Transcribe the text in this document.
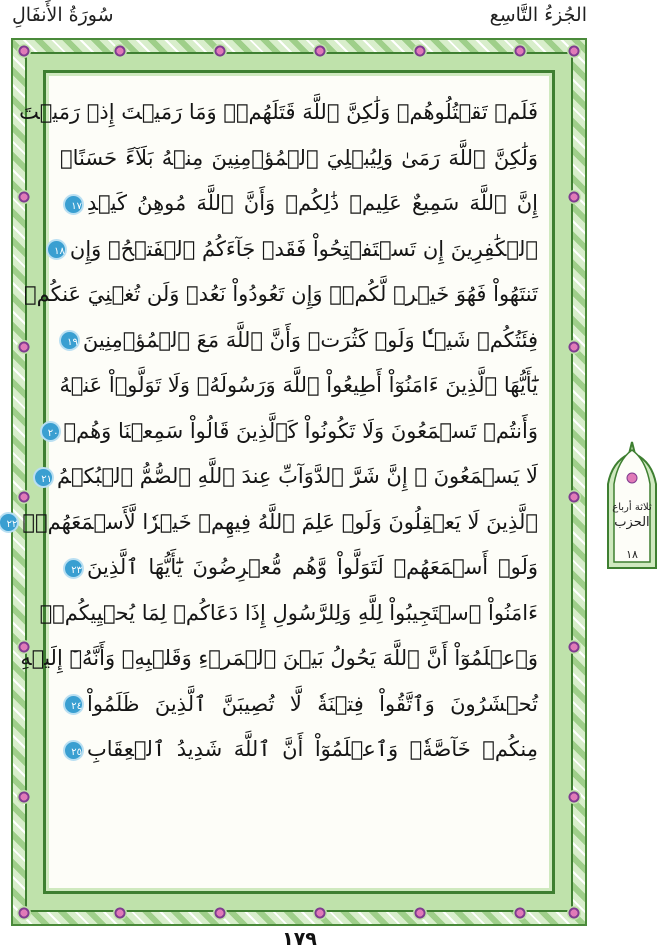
سُورَةُ الأَنفَالِ	الجُزءُ التَّاسِع
فَلَمۡ تَقۡتُلُوهُمۡ وَلَٰكِنَّ ٱللَّهَ قَتَلَهُمۡۚ وَمَا رَمَيۡتَ إِذۡ رَمَيۡتَ
وَلَٰكِنَّ ٱللَّهَ رَمَىٰ وَلِيُبۡلِيَ ٱلۡمُؤۡمِنِينَ مِنۡهُ بَلَآءً حَسَنًاۚ
إِنَّ ٱللَّهَ سَمِيعٌ عَلِيمٞ ذَٰلِكُمۡ وَأَنَّ ٱللَّهَ مُوهِنُ كَيۡدِ١٧
ٱلۡكَٰفِرِينَ إِن تَسۡتَفۡتِحُواْ فَقَدۡ جَآءَكُمُ ٱلۡفَتۡحُۖ وَإِن١٨
تَنتَهُواْ فَهُوَ خَيۡرٞ لَّكُمۡۖ وَإِن تَعُودُواْ نَعُدۡ وَلَن تُغۡنِيَ عَنكُمۡ
فِئَتُكُمۡ شَيۡـٔٗا وَلَوۡ كَثُرَتۡ وَأَنَّ ٱللَّهَ مَعَ ٱلۡمُؤۡمِنِينَ١٩
يَٰٓأَيُّهَا ٱلَّذِينَ ءَامَنُوٓاْ أَطِيعُواْ ٱللَّهَ وَرَسُولَهُۥ وَلَا تَوَلَّوۡاْ عَنۡهُ
وَأَنتُمۡ تَسۡمَعُونَ وَلَا تَكُونُواْ كَٱلَّذِينَ قَالُواْ سَمِعۡنَا وَهُمۡ٢٠
لَا يَسۡمَعُونَ ۞ إِنَّ شَرَّ ٱلدَّوَآبِّ عِندَ ٱللَّهِ ٱلصُّمُّ ٱلۡبُكۡمُ٢١
ٱلَّذِينَ لَا يَعۡقِلُونَ وَلَوۡ عَلِمَ ٱللَّهُ فِيهِمۡ خَيۡرٗا لَّأَسۡمَعَهُمۡۖ٢٢
وَلَوۡ أَسۡمَعَهُمۡ لَتَوَلَّواْ وَّهُم مُّعۡرِضُونَ يَٰٓأَيُّهَا ٱلَّذِينَ٢٣
ءَامَنُواْ ٱسۡتَجِيبُواْ لِلَّهِ وَلِلرَّسُولِ إِذَا دَعَاكُمۡ لِمَا يُحۡيِيكُمۡۖ
وَٱعۡلَمُوٓاْ أَنَّ ٱللَّهَ يَحُولُ بَيۡنَ ٱلۡمَرۡءِ وَقَلۡبِهِۦ وَأَنَّهُۥٓ إِلَيۡهِ
تُحۡشَرُونَ وَٱتَّقُواْ فِتۡنَةٗ لَّا تُصِيبَنَّ ٱلَّذِينَ ظَلَمُواْ٢٤
مِنكُمۡ خَآصَّةٗۖ وَٱعۡلَمُوٓاْ أَنَّ ٱللَّهَ شَدِيدُ ٱلۡعِقَابِ٢٥
ثلاثة أرباع
الحزب
١٨
١٧٩
